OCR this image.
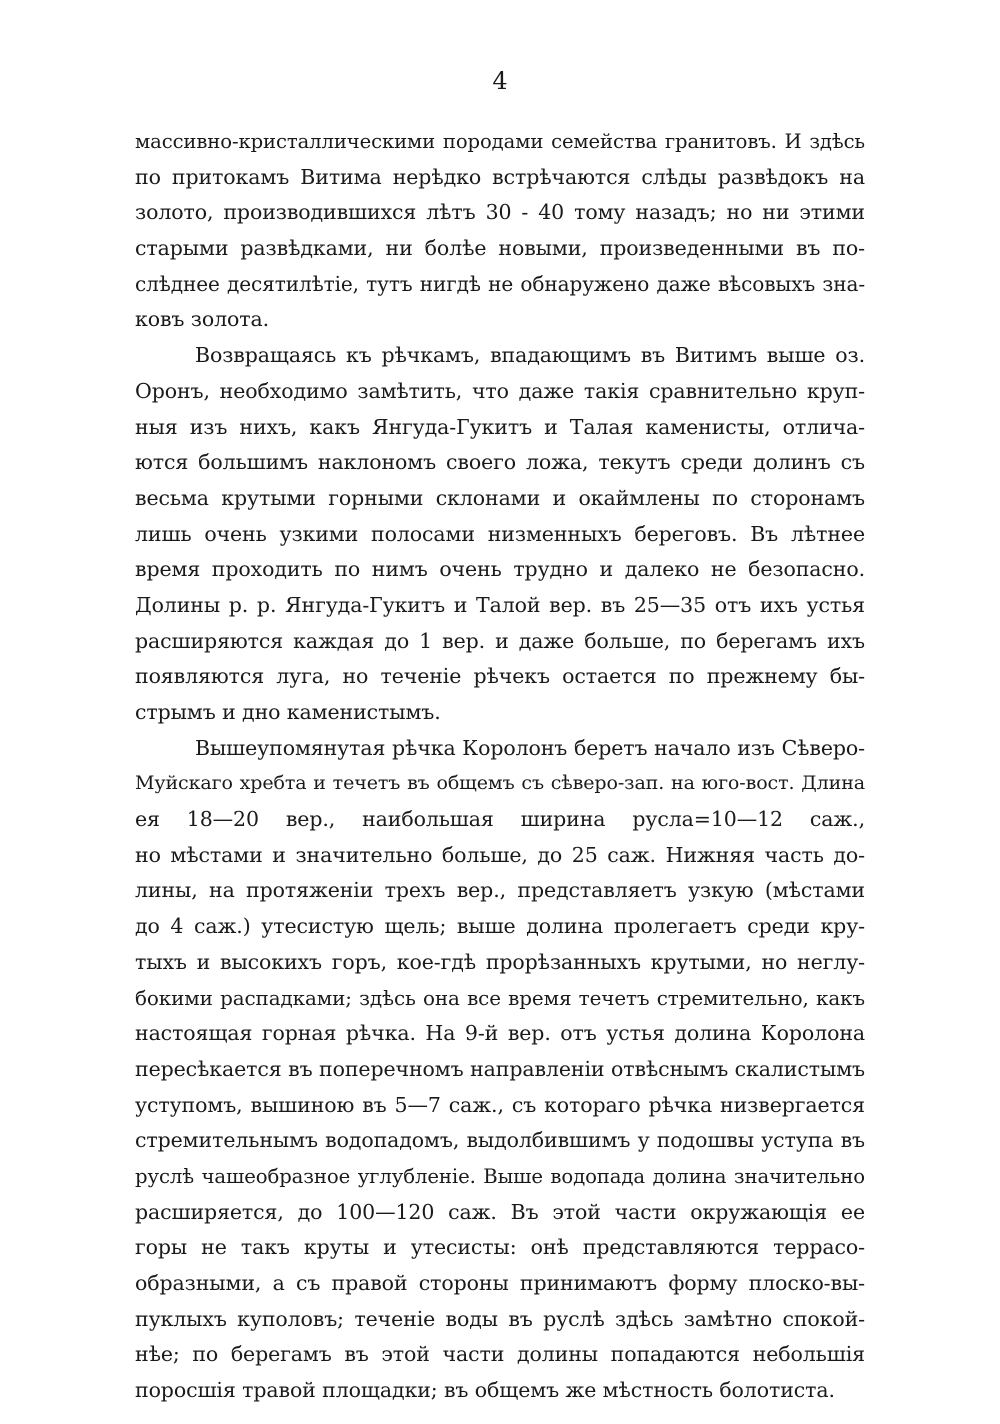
4

массивно-кристаллическими породами семейства гранитовъ. И здѣсь
по притокамъ Витима нерѣдко встрѣчаются слѣды развѣдокъ на
золото, производившихся лѣтъ 30 - 40 тому назадъ; но ни этими
старыми развѣдками, ни болѣе новыми, произведенными въ по-
слѣднее десятилѣтіе, тутъ нигдѣ не обнаружено даже вѣсовыхъ зна-
ковъ золота.

Возвращаясь къ рѣчкамъ, впадающимъ въ Витимъ выше оз.
Оронъ, необходимо замѣтить, что даже такія сравнительно круп-
ныя изъ нихъ, какъ Янгуда-Гукитъ и Талая каменисты, отлича-
ются большимъ наклономъ своего ложа, текутъ среди долинъ съ
весьма крутыми горными склонами и окаймлены по сторонамъ
лишь очень узкими полосами низменныхъ береговъ. Въ лѣтнее
время проходить по нимъ очень трудно и далеко не безопасно.
Долины р. р. Янгуда-Гукитъ и Талой вер. въ 25—35 отъ ихъ устья
расширяются каждая до 1 вер. и даже больше, по берегамъ ихъ
появляются луга, но теченіе рѣчекъ остается по прежнему бы-
стрымъ и дно каменистымъ.

Вышеупомянутая рѣчка Королонъ беретъ начало изъ Сѣверо-
Муйскаго хребта и течетъ въ общемъ съ сѣверо-зап. на юго-вост. Длина
ея 18—20 вер., наибольшая ширина русла=10—12 саж.,
но мѣстами и значительно больше, до 25 саж. Нижняя часть до-
лины, на протяженіи трехъ вер., представляетъ узкую (мѣстами
до 4 саж.) утесистую щель; выше долина пролегаетъ среди кру-
тыхъ и высокихъ горъ, кое-гдѣ прорѣзанныхъ крутыми, но неглу-
бокими распадками; здѣсь она все время течетъ стремительно, какъ
настоящая горная рѣчка. На 9-й вер. отъ устья долина Королона
пересѣкается въ поперечномъ направленіи отвѣснымъ скалистымъ
уступомъ, вышиною въ 5—7 саж., съ котораго рѣчка низвергается
стремительнымъ водопадомъ, выдолбившимъ у подошвы уступа въ
руслѣ чашеобразное углубленіе. Выше водопада долина значительно
расширяется, до 100—120 саж. Въ этой части окружающія ее
горы не такъ круты и утесисты: онѣ представляются террасо-
образными, а съ правой стороны принимаютъ форму плоско-вы-
пуклыхъ куполовъ; теченіе воды въ руслѣ здѣсь замѣтно спокой-
нѣе; по берегамъ въ этой части долины попадаются небольшія
поросшія травой площадки; въ общемъ же мѣстность болотиста.
